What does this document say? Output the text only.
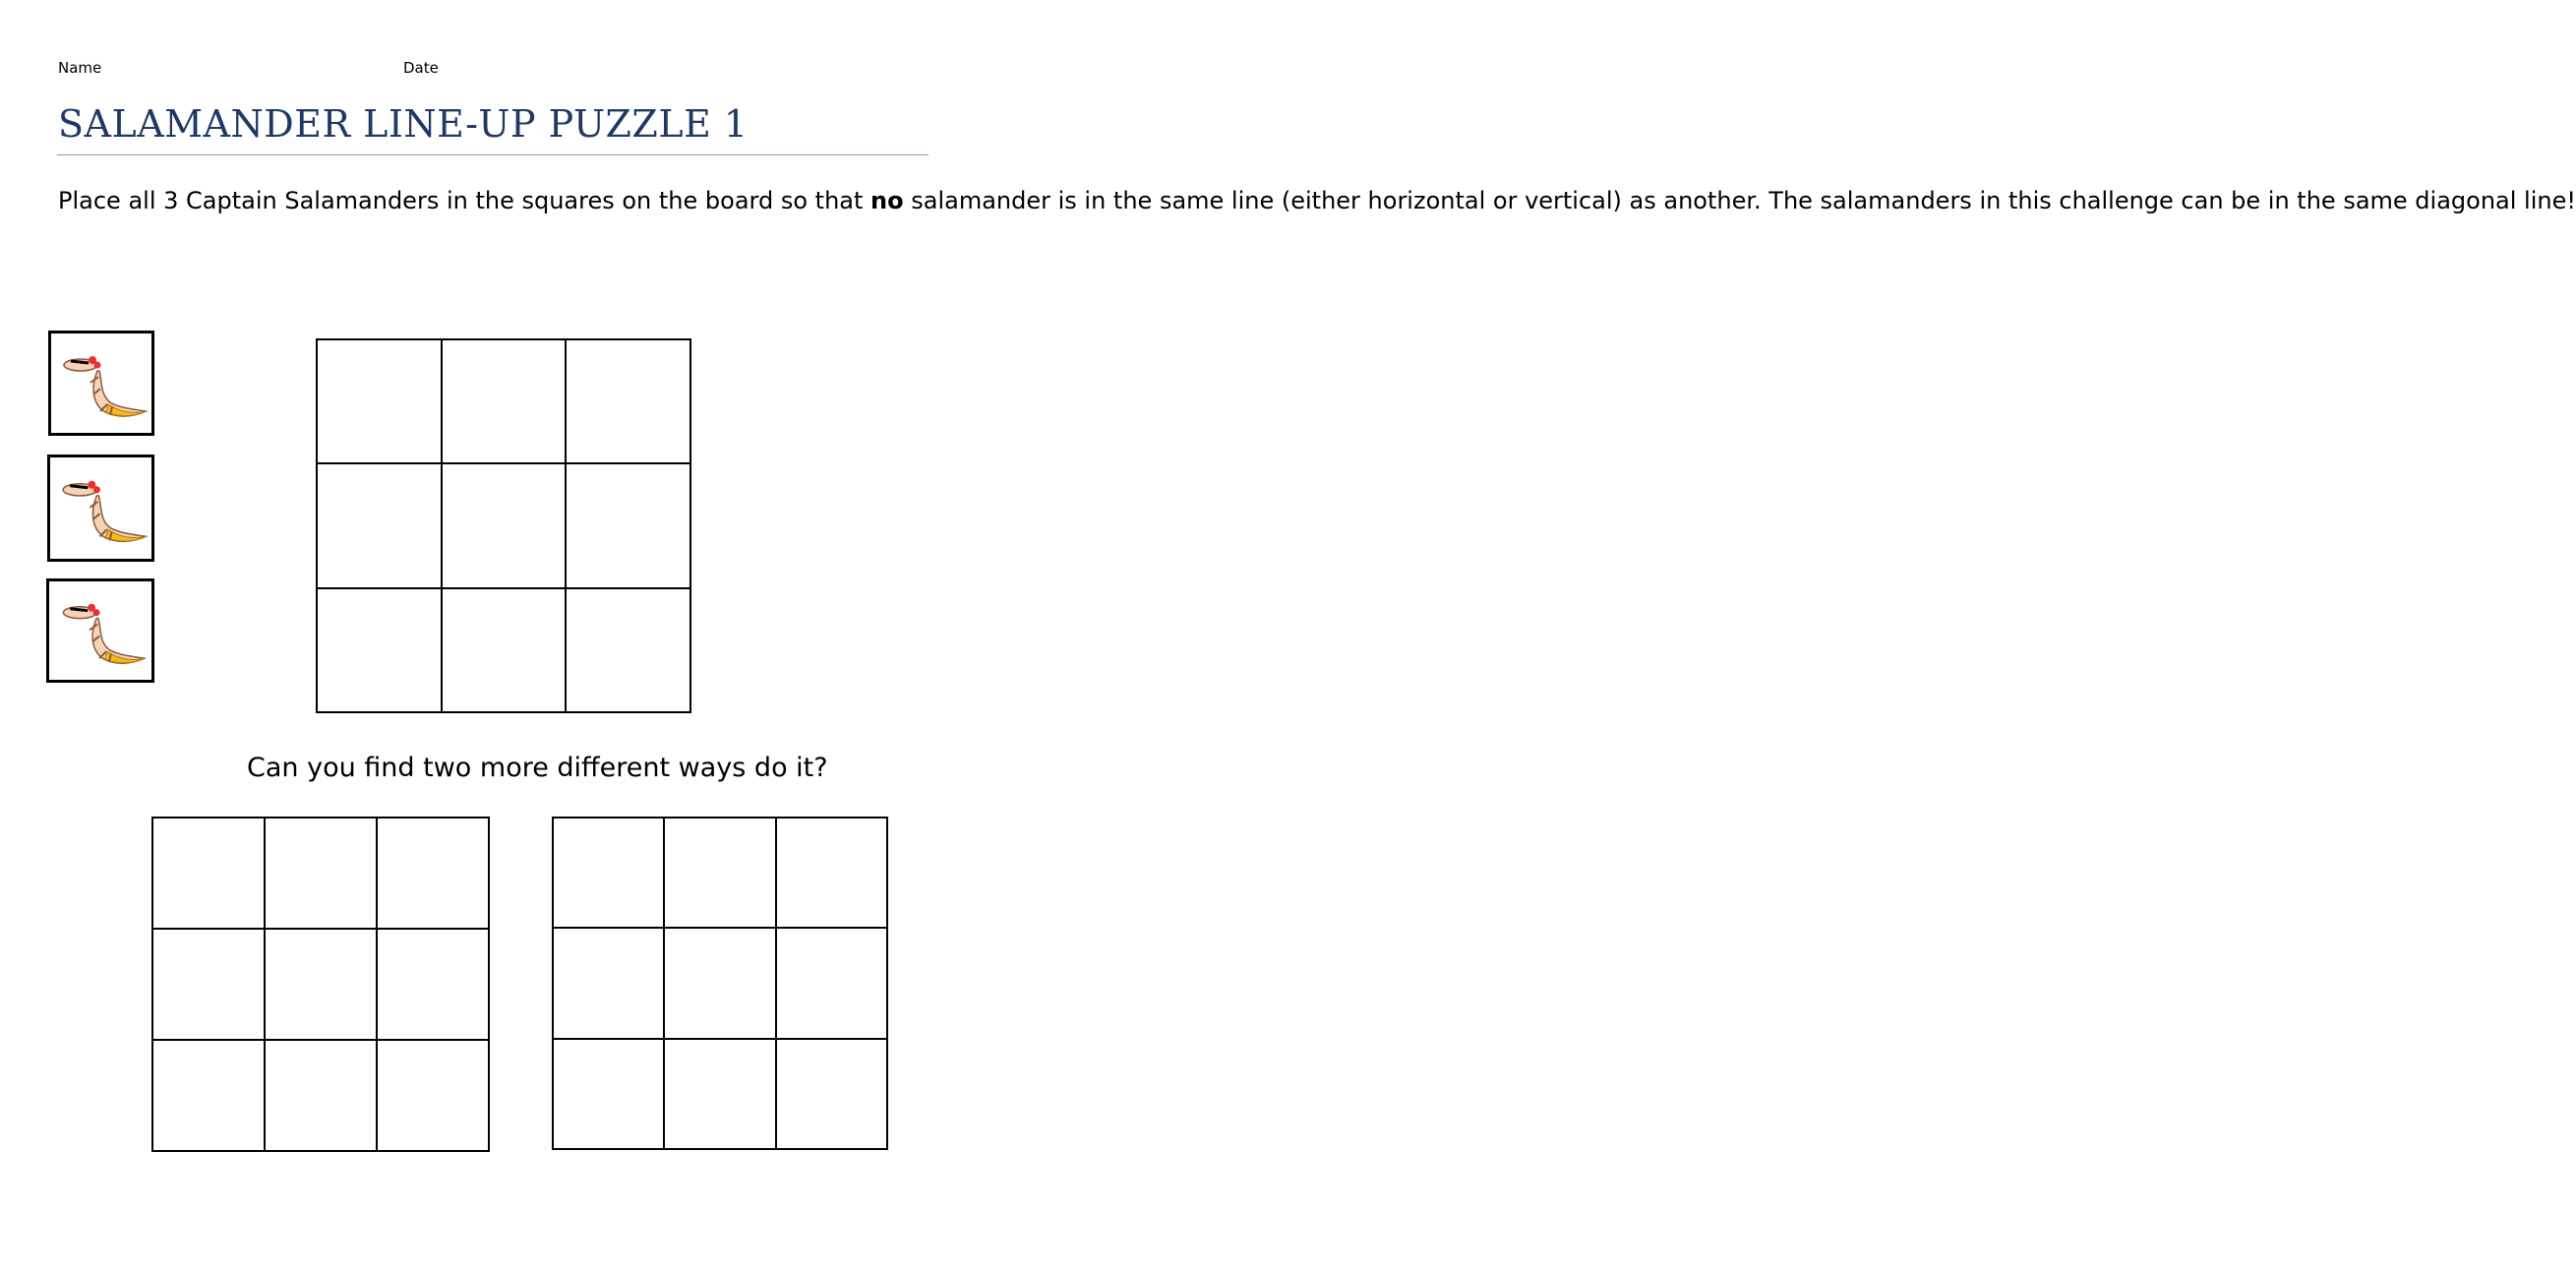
Name	Date
SALAMANDER LINE-UP PUZZLE 1

Place all 3 Captain Salamanders in the squares on the board so that no salamander is in the same line (either horizontal or vertical) as another. The salamanders in this challenge can be in the same diagonal line!

Can you find two more different ways do it?
